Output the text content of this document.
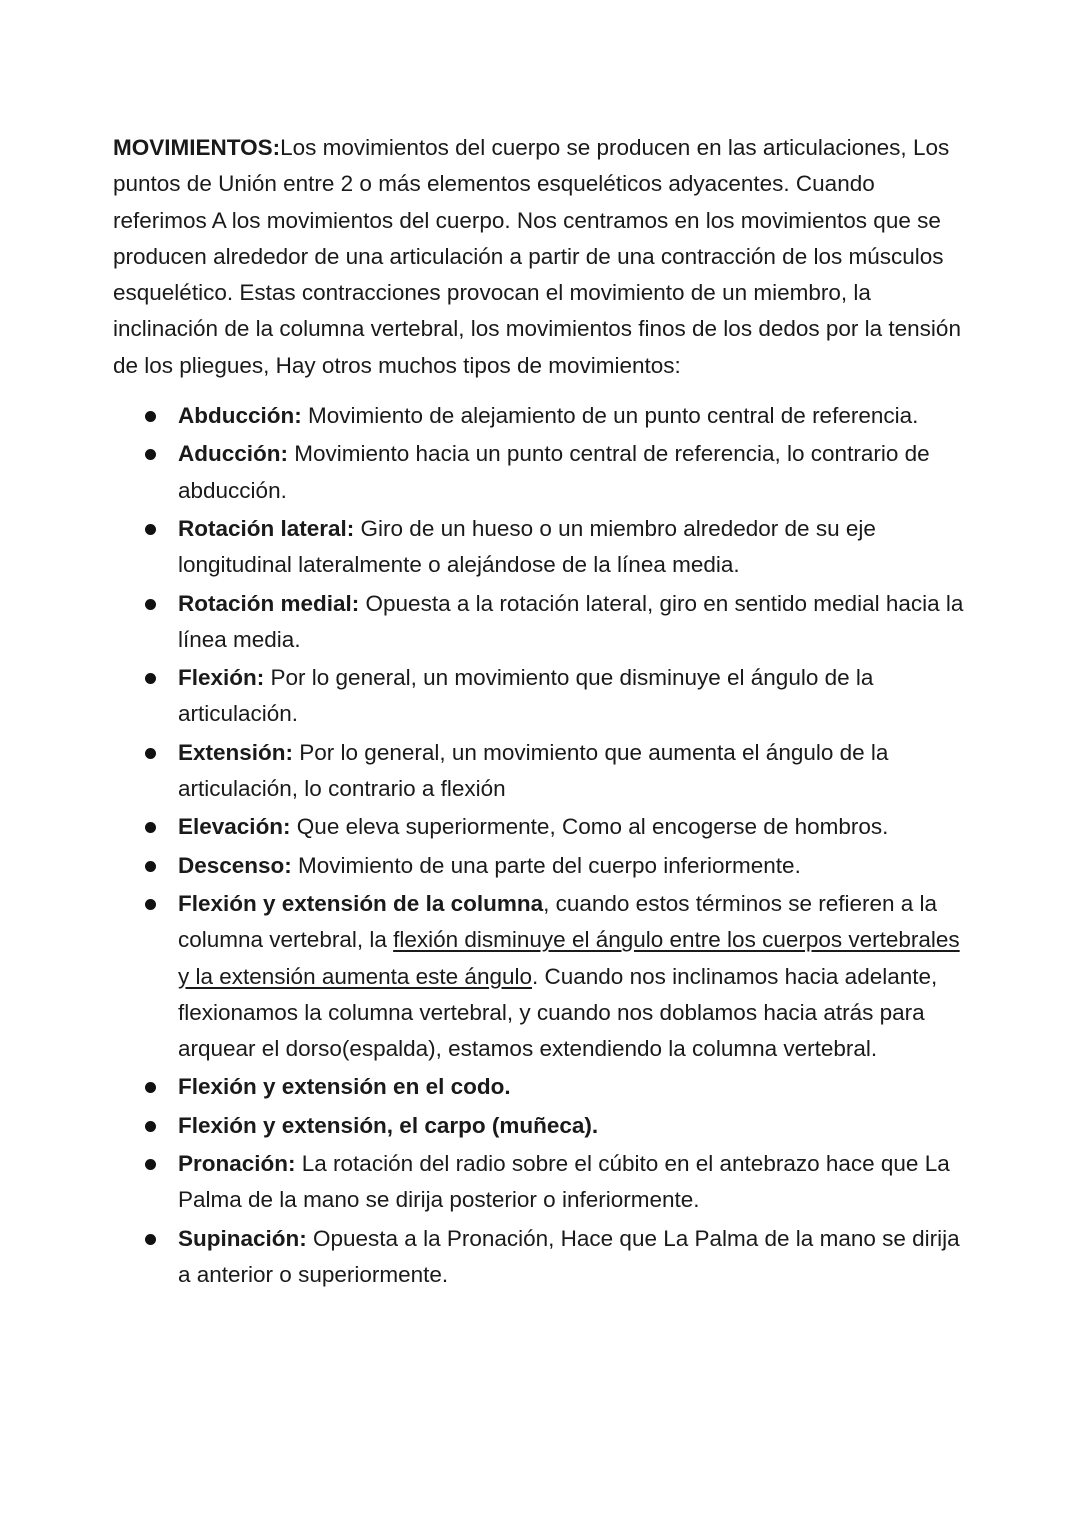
MOVIMIENTOS:Los movimientos del cuerpo se producen en las articulaciones, Los puntos de Unión entre 2 o más elementos esqueléticos adyacentes. Cuando referimos A los movimientos del cuerpo. Nos centramos en los movimientos que se producen alrededor de una articulación a partir de una contracción de los músculos esquelético. Estas contracciones provocan el movimiento de un miembro, la inclinación de la columna vertebral, los movimientos finos de los dedos por la tensión de los pliegues, Hay otros muchos tipos de movimientos:

Abducción: Movimiento de alejamiento de un punto central de referencia.
Aducción: Movimiento hacia un punto central de referencia, lo contrario de abducción.
Rotación lateral: Giro de un hueso o un miembro alrededor de su eje longitudinal lateralmente o alejándose de la línea media.
Rotación medial: Opuesta a la rotación lateral, giro en sentido medial hacia la línea media.
Flexión: Por lo general, un movimiento que disminuye el ángulo de la articulación.
Extensión: Por lo general, un movimiento que aumenta el ángulo de la articulación, lo contrario a flexión
Elevación: Que eleva superiormente, Como al encogerse de hombros.
Descenso: Movimiento de una parte del cuerpo inferiormente.
Flexión y extensión de la columna, cuando estos términos se refieren a la columna vertebral, la flexión disminuye el ángulo entre los cuerpos vertebrales y la extensión aumenta este ángulo. Cuando nos inclinamos hacia adelante, flexionamos la columna vertebral, y cuando nos doblamos hacia atrás para arquear el dorso(espalda), estamos extendiendo la columna vertebral.
Flexión y extensión en el codo.
Flexión y extensión, el carpo (muñeca).
Pronación: La rotación del radio sobre el cúbito en el antebrazo hace que La Palma de la mano se dirija posterior o inferiormente.
Supinación: Opuesta a la Pronación, Hace que La Palma de la mano se dirija a anterior o superiormente.
